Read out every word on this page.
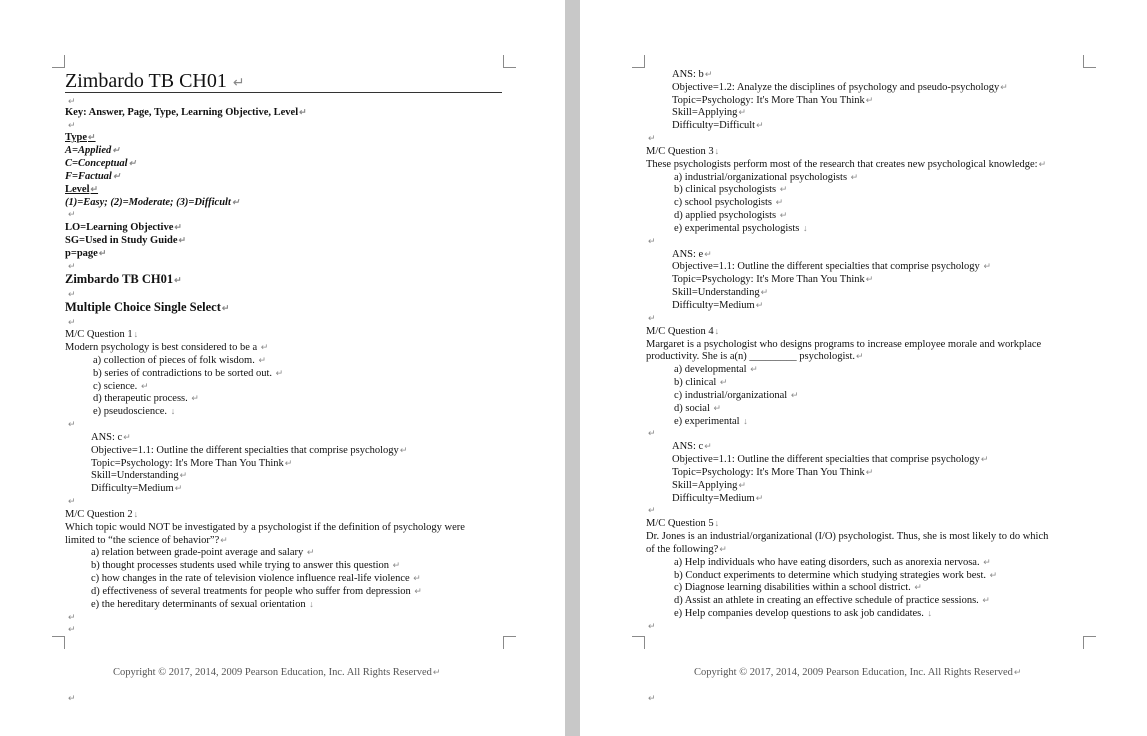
Zimbardo TB CH01 ↵
↵
Key: Answer, Page, Type, Learning Objective, Level↵
↵
Type↵
A=Applied↵
C=Conceptual↵
F=Factual↵
Level↵
(1)=Easy; (2)=Moderate; (3)=Difficult↵
↵
LO=Learning Objective↵
SG=Used in Study Guide↵
p=page↵
↵
Zimbardo TB CH01↵
↵
Multiple Choice Single Select↵
↵
M/C Question 1↓
Modern psychology is best considered to be a ↵
a) collection of pieces of folk wisdom. ↵
b) series of contradictions to be sorted out. ↵
c) science. ↵
d) therapeutic process. ↵
e) pseudoscience. ↓
↵
ANS: c↵
Objective=1.1: Outline the different specialties that comprise psychology↵
Topic=Psychology: It's More Than You Think↵
Skill=Understanding↵
Difficulty=Medium↵
↵
M/C Question 2↓
Which topic would NOT be investigated by a psychologist if the definition of psychology were
limited to “the science of behavior”?↵
a) relation between grade-point average and salary ↵
b) thought processes students used while trying to answer this question ↵
c) how changes in the rate of television violence influence real-life violence ↵
d) effectiveness of several treatments for people who suffer from depression ↵
e) the hereditary determinants of sexual orientation ↓
↵
↵
Copyright © 2017, 2014, 2009 Pearson Education, Inc. All Rights Reserved↵
↵
ANS: b↵
Objective=1.2: Analyze the disciplines of psychology and pseudo-psychology↵
Topic=Psychology: It's More Than You Think↵
Skill=Applying↵
Difficulty=Difficult↵
↵
M/C Question 3↓
These psychologists perform most of the research that creates new psychological knowledge:↵
a) industrial/organizational psychologists ↵
b) clinical psychologists ↵
c) school psychologists ↵
d) applied psychologists ↵
e) experimental psychologists ↓
↵
ANS: e↵
Objective=1.1: Outline the different specialties that comprise psychology ↵
Topic=Psychology: It's More Than You Think↵
Skill=Understanding↵
Difficulty=Medium↵
↵
M/C Question 4↓
Margaret is a psychologist who designs programs to increase employee morale and workplace
productivity. She is a(n) _________ psychologist.↵
a) developmental ↵
b) clinical ↵
c) industrial/organizational ↵
d) social ↵
e) experimental ↓
↵
ANS: c↵
Objective=1.1: Outline the different specialties that comprise psychology↵
Topic=Psychology: It's More Than You Think↵
Skill=Applying↵
Difficulty=Medium↵
↵
M/C Question 5↓
Dr. Jones is an industrial/organizational (I/O) psychologist. Thus, she is most likely to do which
of the following?↵
a) Help individuals who have eating disorders, such as anorexia nervosa. ↵
b) Conduct experiments to determine which studying strategies work best. ↵
c) Diagnose learning disabilities within a school district. ↵
d) Assist an athlete in creating an effective schedule of practice sessions. ↵
e) Help companies develop questions to ask job candidates. ↓
↵
Copyright © 2017, 2014, 2009 Pearson Education, Inc. All Rights Reserved↵
↵
